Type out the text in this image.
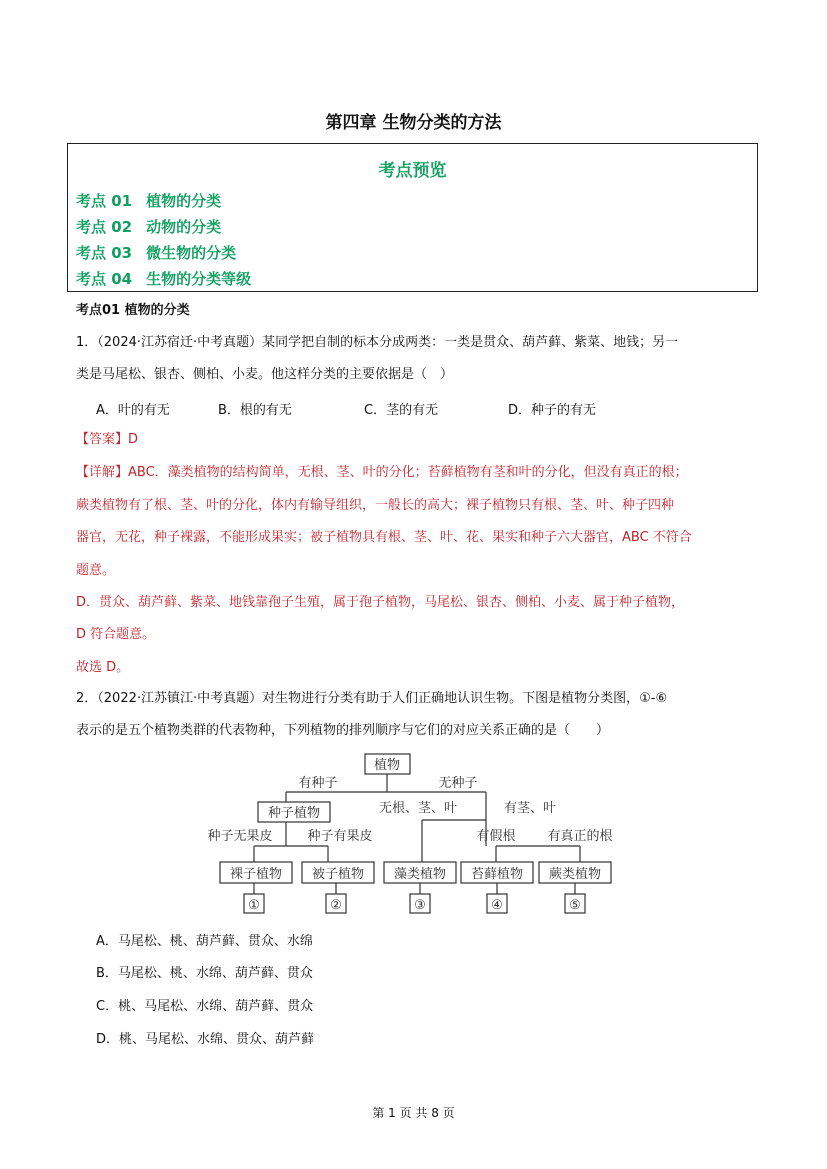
第四章 生物分类的方法
考点预览
考点 01 植物的分类
考点 02 动物的分类
考点 03 微生物的分类
考点 04 生物的分类等级
考点01 植物的分类
1．（2024·江苏宿迁·中考真题）某同学把自制的标本分成两类：一类是贯众、葫芦藓、紫菜、地钱；另一
类是马尾松、银杏、侧柏、小麦。他这样分类的主要依据是（　）
A．叶的有无	B．根的有无	C．茎的有无	D．种子的有无
【答案】D
【详解】ABC．藻类植物的结构简单，无根、茎、叶的分化；苔藓植物有茎和叶的分化，但没有真正的根；
蕨类植物有了根、茎、叶的分化，体内有输导组织，一般长的高大；裸子植物只有根、茎、叶、种子四种
器官，无花，种子裸露，不能形成果实；被子植物具有根、茎、叶、花、果实和种子六大器官，ABC 不符合
题意。
D．贯众、葫芦藓、紫菜、地钱靠孢子生殖，属于孢子植物，马尾松、银杏、侧柏、小麦、属于种子植物，
D 符合题意。
故选 D。
2．（2022·江苏镇江·中考真题）对生物进行分类有助于人们正确地认识生物。下图是植物分类图，①-⑥
表示的是五个植物类群的代表物种，下列植物的排列顺序与它们的对应关系正确的是（　　）
植物
有种子	无种子
种子植物	无根、茎、叶	有茎、叶
种子无果皮	种子有果皮	有假根 有真正的根
裸子植物 被子植物 藻类植物 苔藓植物 蕨类植物
①	②	③	④	⑤
A．马尾松、桃、葫芦藓、贯众、水绵
B．马尾松、桃、水绵、葫芦藓、贯众
C．桃、马尾松、水绵、葫芦藓、贯众
D．桃、马尾松、水绵、贯众、葫芦藓
第 1 页 共 8 页
